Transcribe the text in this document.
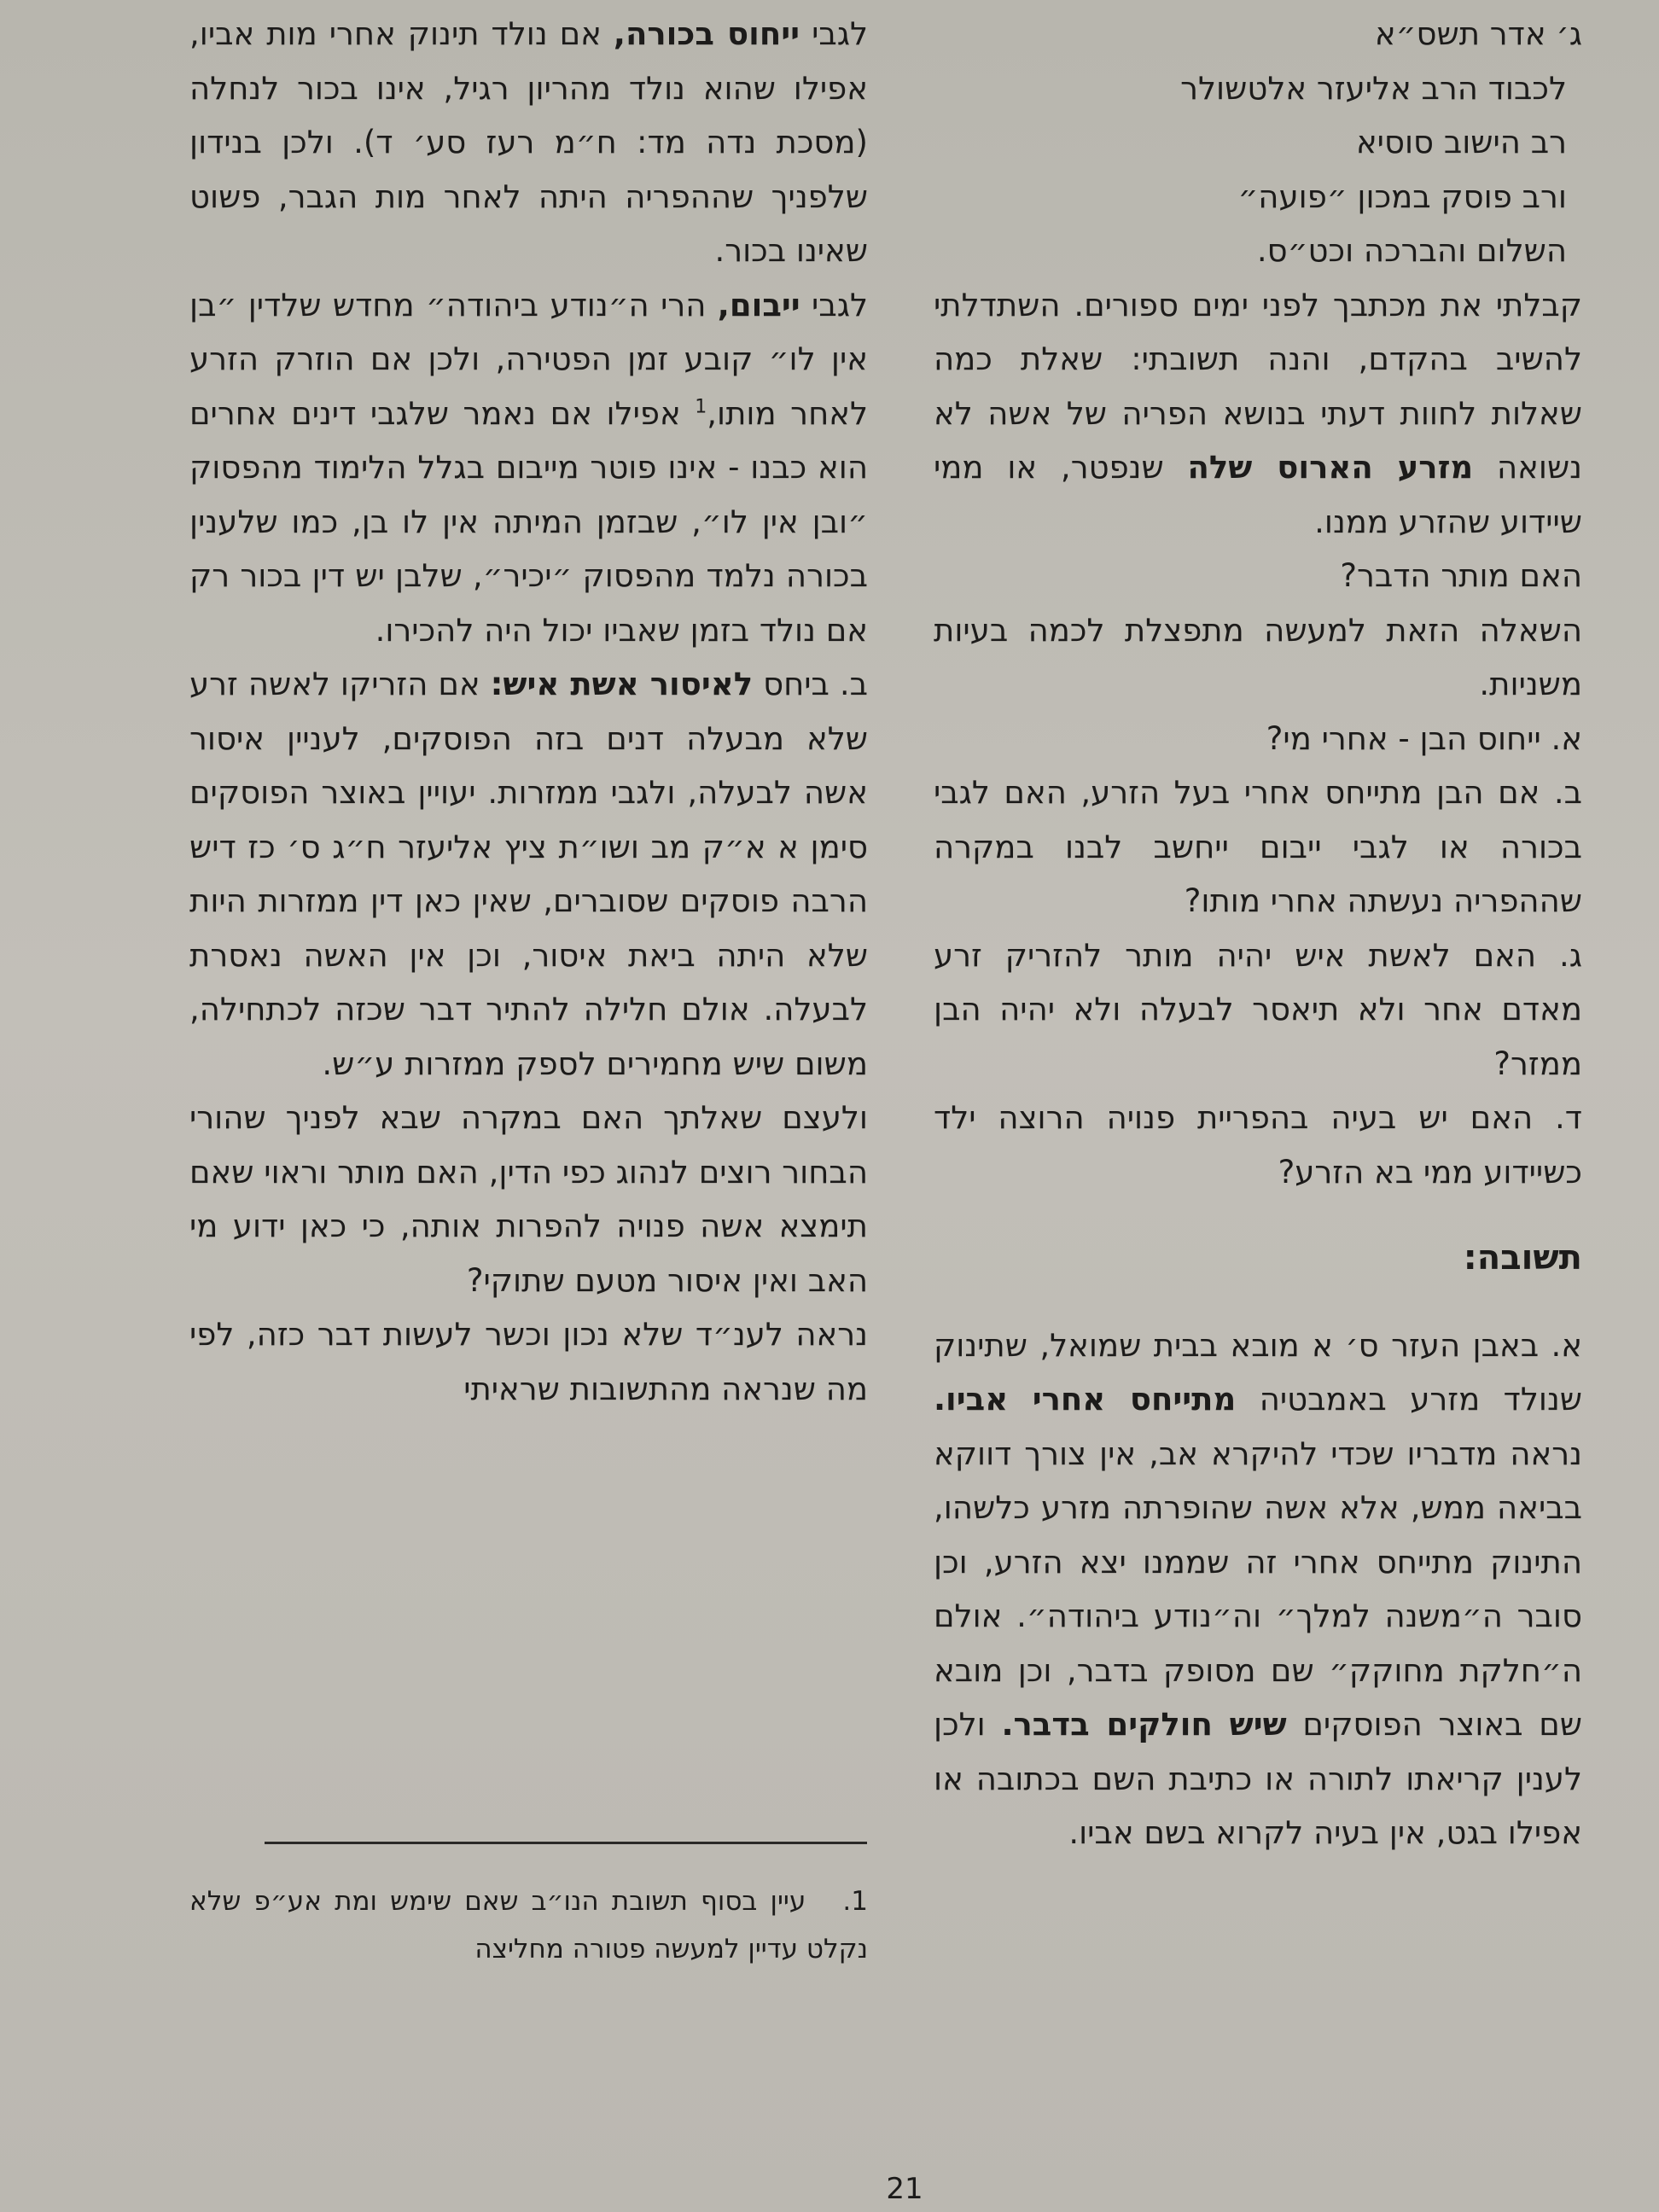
ג׳ אדר תשס״א

לכבוד הרב אליעזר אלטשולר

רב הישוב סוסיא

ורב פוסק במכון ״פועה״

השלום והברכה וכט״ס.

קבלתי את מכתבך לפני ימים ספורים. השתדלתי להשיב בהקדם, והנה תשובתי: שאלת כמה שאלות לחוות דעתי בנושא הפריה של אשה לא נשואה מזרע הארוס שלה שנפטר, או ממי שיידוע שהזרע ממנו.

האם מותר הדבר?

השאלה הזאת למעשה מתפצלת לכמה בעיות משניות.

א. ייחוס הבן - אחרי מי?

ב. אם הבן מתייחס אחרי בעל הזרע, האם לגבי בכורה או לגבי ייבום ייחשב לבנו במקרה שההפריה נעשתה אחרי מותו?

ג. האם לאשת איש יהיה מותר להזריק זרע מאדם אחר ולא תיאסר לבעלה ולא יהיה הבן ממזר?

ד. האם יש בעיה בהפריית פנויה הרוצה ילד כשיידוע ממי בא הזרע?

תשובה:

א. באבן העזר ס׳ א מובא בבית שמואל, שתינוק שנולד מזרע באמבטיה מתייחס אחרי אביו. נראה מדבריו שכדי להיקרא אב, אין צורך דווקא בביאה ממש, אלא אשה שהופרתה מזרע כלשהו, התינוק מתייחס אחרי זה שממנו יצא הזרע, וכן סובר ה״משנה למלך״ וה״נודע ביהודה״. אולם ה״חלקת מחוקק״ שם מסופק בדבר, וכן מובא שם באוצר הפוסקים שיש חולקים בדבר. ולכן לענין קריאתו לתורה או כתיבת השם בכתובה או אפילו בגט, אין בעיה לקרוא בשם אביו.

לגבי ייחוס בכורה, אם נולד תינוק אחרי מות אביו, אפילו שהוא נולד מהריון רגיל, אינו בכור לנחלה (מסכת נדה מד: ח״מ רעז סע׳ ד). ולכן בנידון שלפניך שההפריה היתה לאחר מות הגבר, פשוט שאינו בכור.

לגבי ייבום, הרי ה״נודע ביהודה״ מחדש שלדין ״בן אין לו״ קובע זמן הפטירה, ולכן אם הוזרק הזרע לאחר מותו,$^1$ אפילו אם נאמר שלגבי דינים אחרים הוא כבנו - אינו פוטר מייבום בגלל הלימוד מהפסוק ״ובן אין לו״, שבזמן המיתה אין לו בן, כמו שלענין בכורה נלמד מהפסוק ״יכיר״, שלבן יש דין בכור רק אם נולד בזמן שאביו יכול היה להכירו.

ב. ביחס לאיסור אשת איש: אם הזריקו לאשה זרע שלא מבעלה דנים בזה הפוסקים, לעניין איסור אשה לבעלה, ולגבי ממזרות. יעויין באוצר הפוסקים סימן א א״ק מב ושו״ת ציץ אליעזר ח״ג ס׳ כז דיש הרבה פוסקים שסוברים, שאין כאן דין ממזרות היות שלא היתה ביאת איסור, וכן אין האשה נאסרת לבעלה. אולם חלילה להתיר דבר שכזה לכתחילה, משום שיש מחמירים לספק ממזרות ע״ש.

ולעצם שאלתך האם במקרה שבא לפניך שהורי הבחור רוצים לנהוג כפי הדין, האם מותר וראוי שאם תימצא אשה פנויה להפרות אותה, כי כאן ידוע מי האב ואין איסור מטעם שתוקי?

נראה לענ״ד שלא נכון וכשר לעשות דבר כזה, לפי מה שנראה מהתשובות שראיתי

1. עיין בסוף תשובת הנו״ב שאם שימש ומת אע״פ שלא נקלט עדיין למעשה פטורה מחליצה

21
